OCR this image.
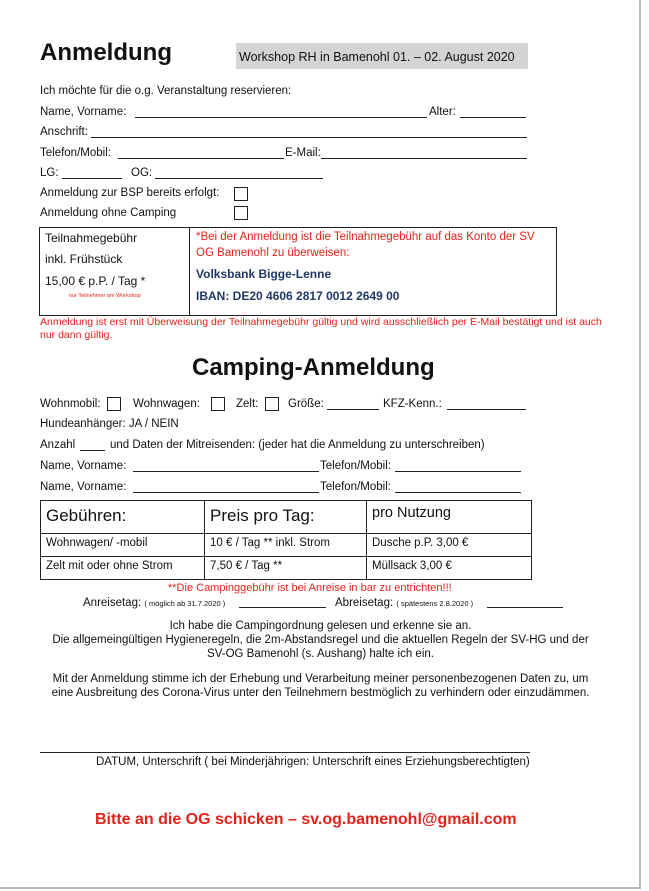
Anmeldung	Workshop RH in Bamenohl 01. – 02. August 2020
Ich möchte für die o.g. Veranstaltung reservieren:
Name, Vorname:	Alter:
Anschrift:
Telefon/Mobil:	E-Mail:
LG:	OG:
Anmeldung zur BSP bereits erfolgt:
Anmeldung ohne Camping
Teilnahmegebühr
inkl. Frühstück
15,00 € p.P. / Tag *
nur Teilnehmer am Workshop

*Bei der Anmeldung ist die Teilnahmegebühr auf das Konto der SV
OG Bamenohl zu überweisen:
Volksbank Bigge-Lenne
IBAN: DE20 4606 2817 0012 2649 00
Anmeldung ist erst mit Überweisung der Teilnahmegebühr gültig und wird ausschließlich per E-Mail bestätigt und ist auch nur dann gültig.
Camping-Anmeldung
Wohnmobil:	Wohnwagen:	Zelt:	Größe:	KFZ-Kenn.:
Hundeanhänger: JA / NEIN
Anzahl	und Daten der Mitreisenden: (jeder hat die Anmeldung zu unterschreiben)
Name, Vorname:	Telefon/Mobil:
Name, Vorname:	Telefon/Mobil:
Gebühren:	Preis pro Tag:	pro Nutzung
Wohnwagen/ -mobil	10 € / Tag ** inkl. Strom	Dusche p.P. 3,00 €
Zelt mit oder ohne Strom	7,50 € / Tag **	Müllsack 3,00 €
**Die Campinggebühr ist bei Anreise in bar zu entrichten!!!
Anreisetag: ( möglich ab 31.7.2020 )	Abreisetag: ( spätestens 2.8.2020 )
Ich habe die Campingordnung gelesen und erkenne sie an.
Die allgemeingültigen Hygieneregeln, die 2m-Abstandsregel und die aktuellen Regeln der SV-HG und der
SV-OG Bamenohl (s. Aushang) halte ich ein.
Mit der Anmeldung stimme ich der Erhebung und Verarbeitung meiner personenbezogenen Daten zu, um
eine Ausbreitung des Corona-Virus unter den Teilnehmern bestmöglich zu verhindern oder einzudämmen.
DATUM, Unterschrift ( bei Minderjährigen: Unterschrift eines Erziehungsberechtigten)
Bitte an die OG schicken – sv.og.bamenohl@gmail.com
